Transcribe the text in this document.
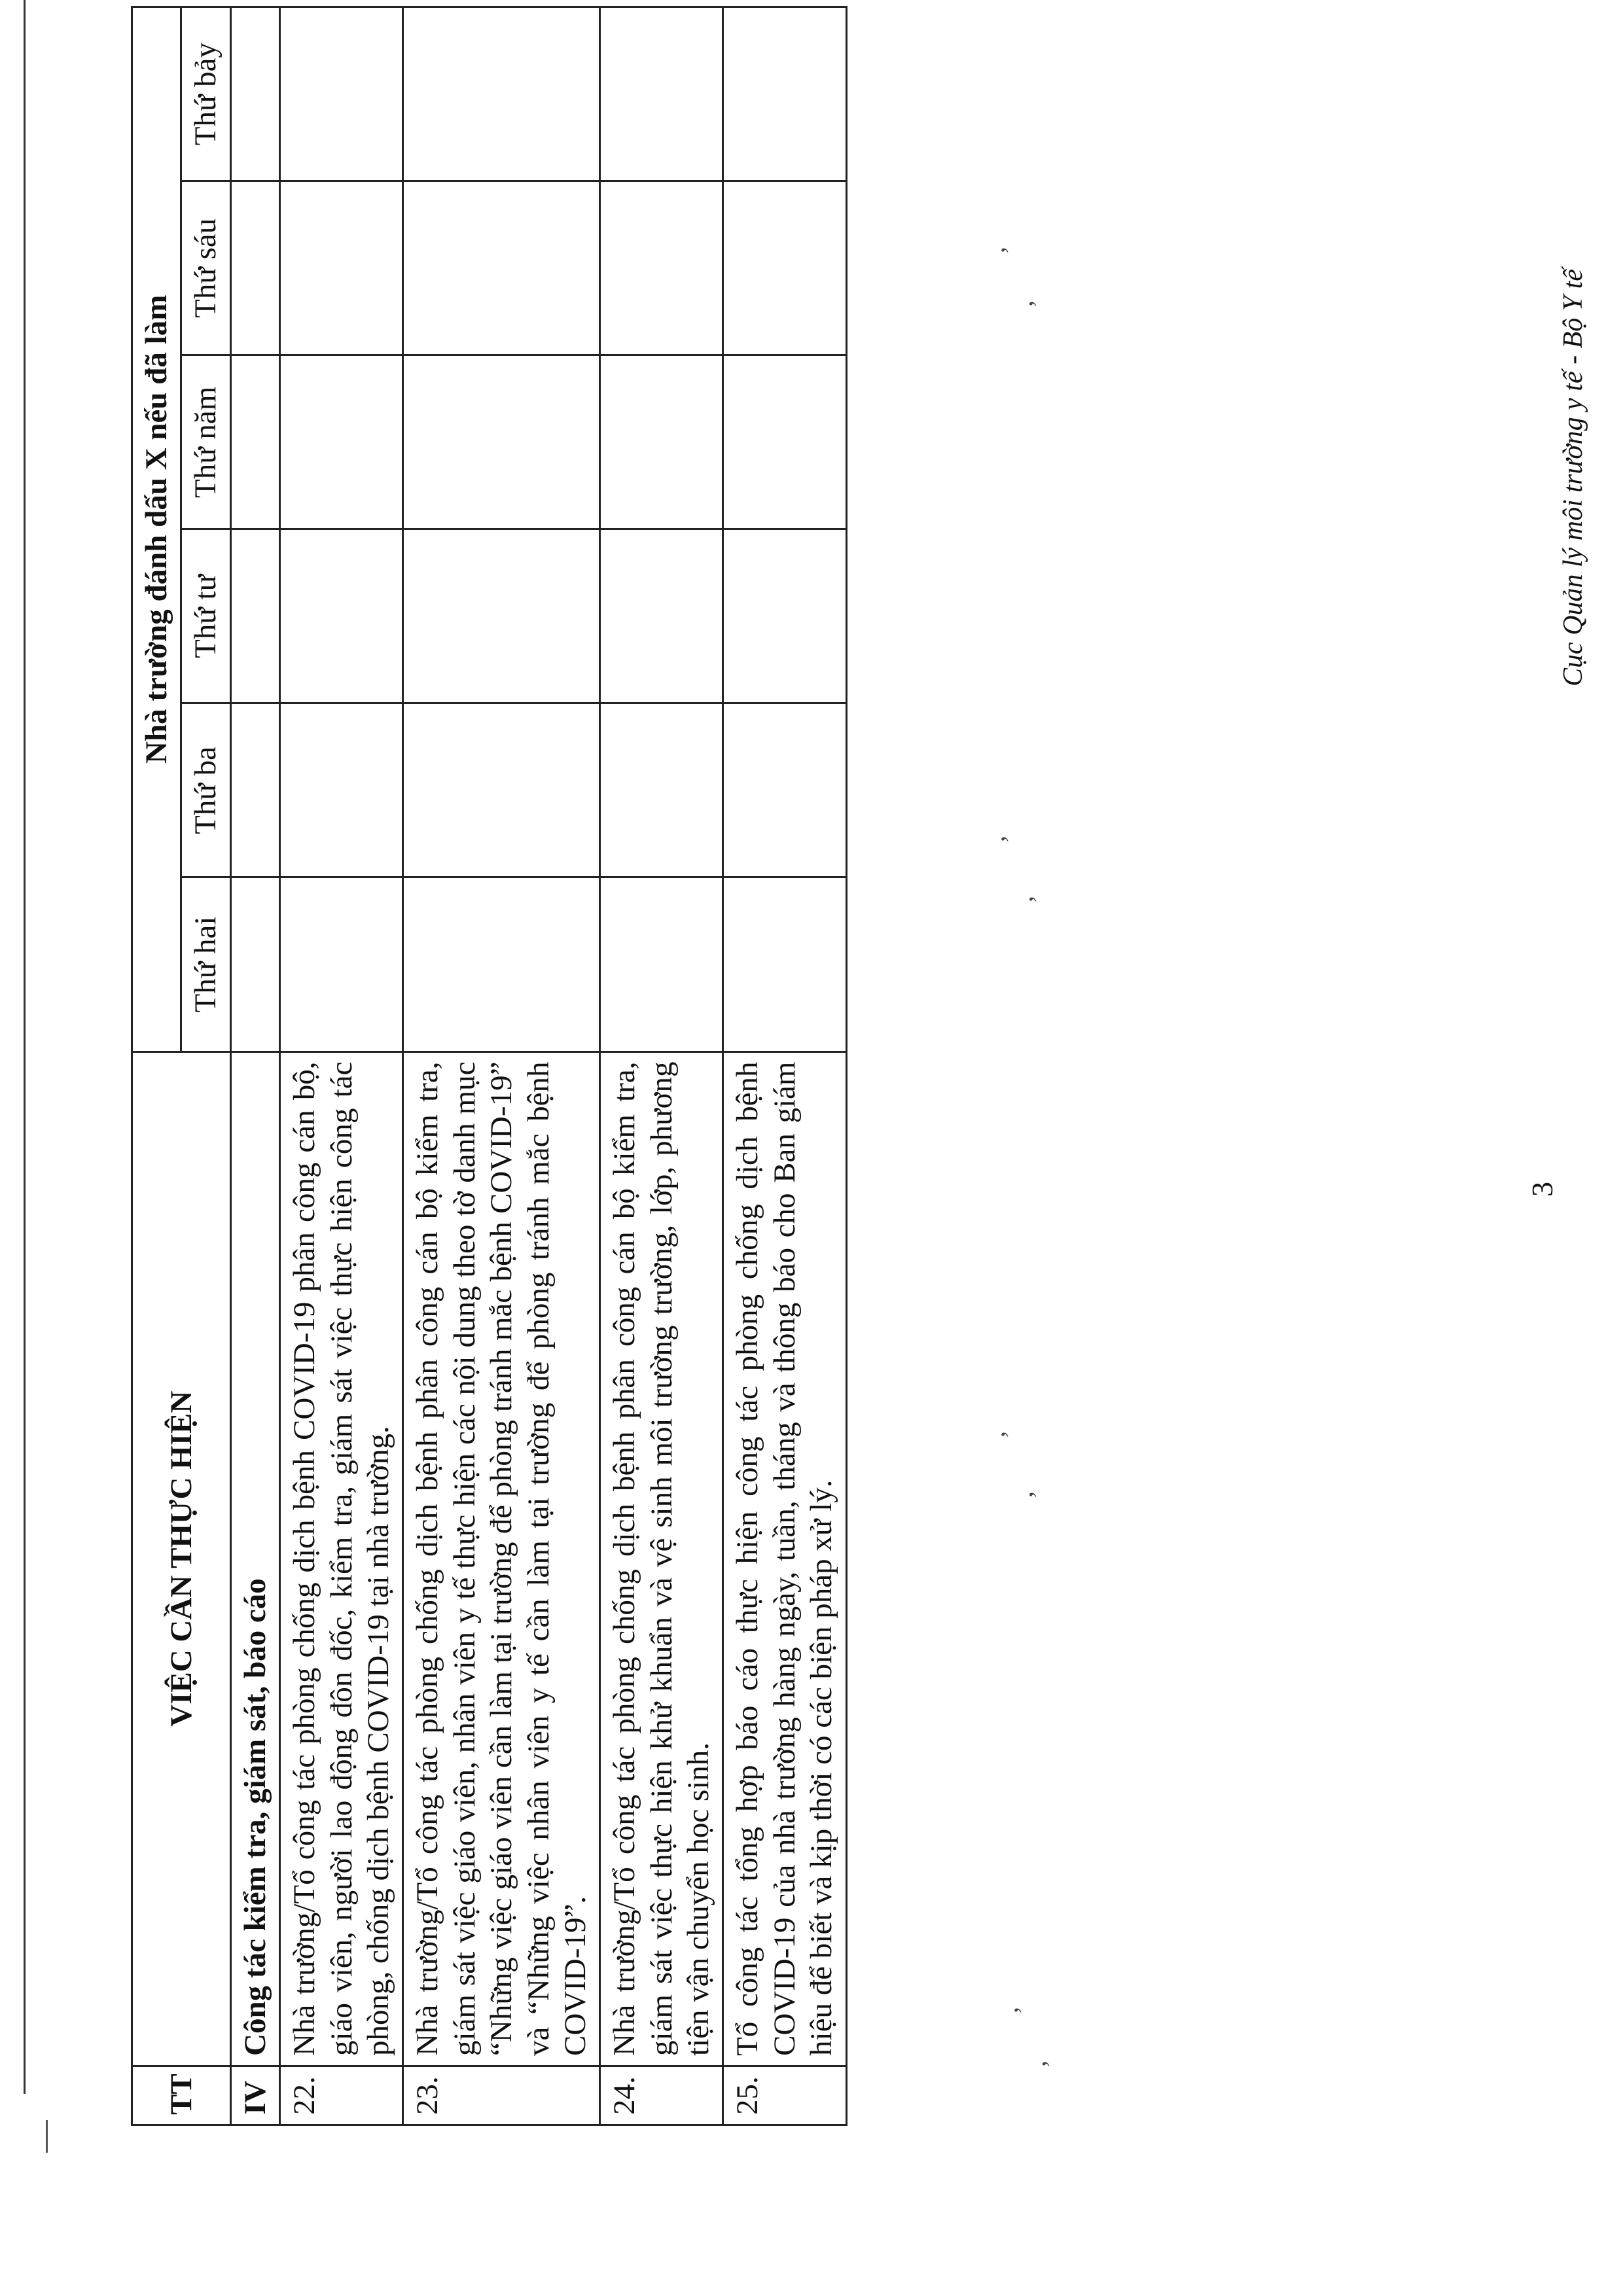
TT	VIỆC CẦN THỰC HIỆN	Nhà trường đánh dấu X nếu đã làm					
		Thứ hai	Thứ ba	Thứ tư	Thứ năm	Thứ sáu	Thứ bảy
IV	Công tác kiểm tra, giám sát, báo cáo						
22.	Nhà trường/Tổ công tác phòng chống dịch bệnh COVID-19 phân công cán bộ, giáo viên, người lao động đôn đốc, kiểm tra, giám sát việc thực hiện công tác phòng, chống dịch bệnh COVID-19 tại nhà trường.						
23.	Nhà trường/Tổ công tác phòng chống dịch bệnh phân công cán bộ kiểm tra, giám sát việc giáo viên, nhân viên y tế thực hiện các nội dung theo tờ danh mục “Những việc giáo viên cần làm tại trường để phòng tránh mắc bệnh COVID-19” và “Những việc nhân viên y tế cần làm tại trường để phòng tránh mắc bệnh COVID-19”.						
24.	Nhà trường/Tổ công tác phòng chống dịch bệnh phân công cán bộ kiểm tra, giám sát việc thực hiện khử khuẩn và vệ sinh môi trường trường, lớp, phương tiện vận chuyển học sinh.						
25.	Tổ công tác tổng hợp báo cáo thực hiện công tác phòng chống dịch bệnh COVID-19 của nhà trường hàng ngày, tuần, tháng và thông báo cho Ban giám hiệu để biết và kịp thời có các biện pháp xử lý.						
3
Cục Quản lý môi trường y tế - Bộ Y tế
’
,
’
,
’
,
’
,
